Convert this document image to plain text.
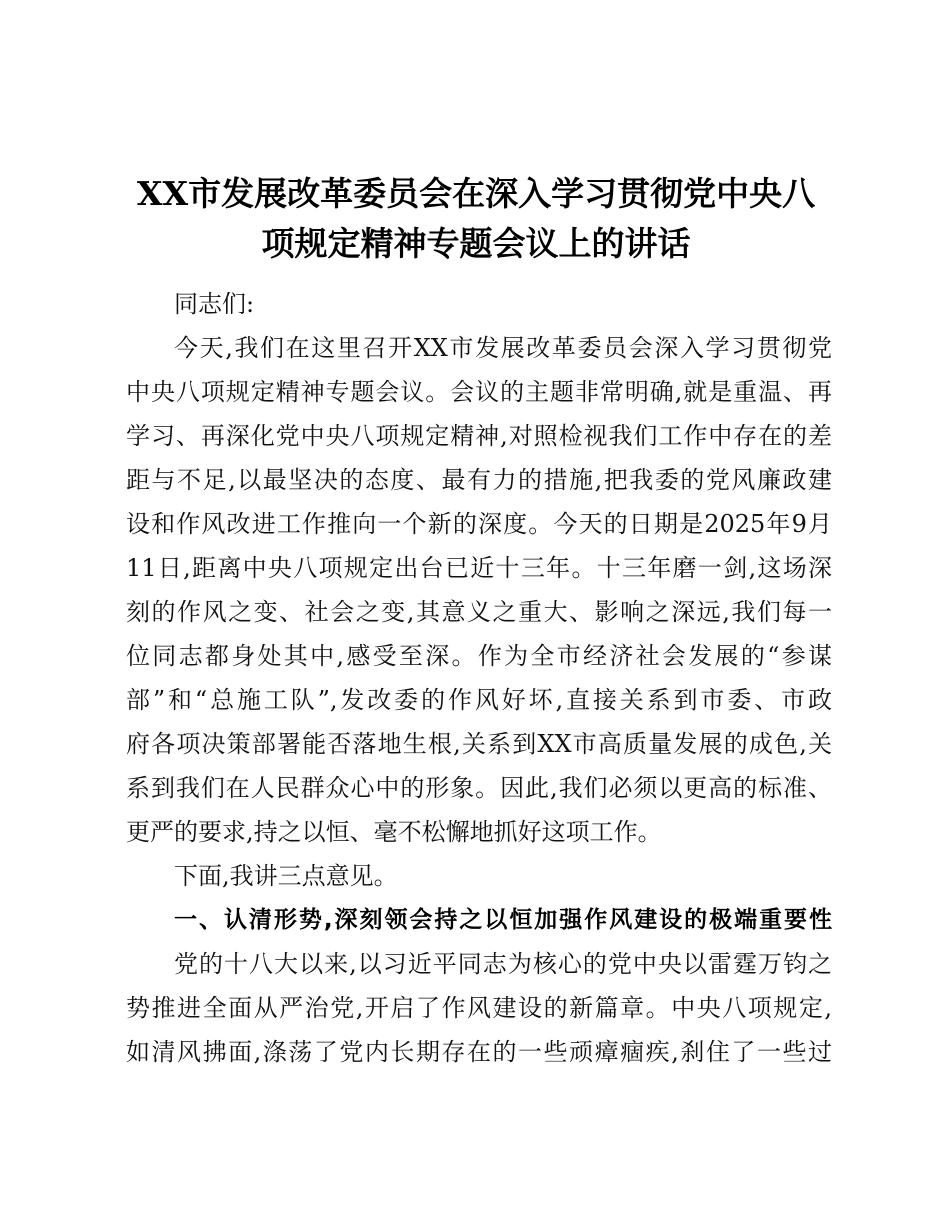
XX市发展改革委员会在深入学习贯彻党中央八
项规定精神专题会议上的讲话
同志们:
今天,我们在这里召开XX市发展改革委员会深入学习贯彻党
中央八项规定精神专题会议。会议的主题非常明确,就是重温、再
学习、再深化党中央八项规定精神,对照检视我们工作中存在的差
距与不足,以最坚决的态度、最有力的措施,把我委的党风廉政建
设和作风改进工作推向一个新的深度。今天的日期是2025年9月
11日,距离中央八项规定出台已近十三年。十三年磨一剑,这场深
刻的作风之变、社会之变,其意义之重大、影响之深远,我们每一
位同志都身处其中,感受至深。作为全市经济社会发展的“参谋
部”和“总施工队”,发改委的作风好坏,直接关系到市委、市政
府各项决策部署能否落地生根,关系到XX市高质量发展的成色,关
系到我们在人民群众心中的形象。因此,我们必须以更高的标准、
更严的要求,持之以恒、毫不松懈地抓好这项工作。
下面,我讲三点意见。
一、认清形势,深刻领会持之以恒加强作风建设的极端重要性
党的十八大以来,以习近平同志为核心的党中央以雷霆万钧之
势推进全面从严治党,开启了作风建设的新篇章。中央八项规定,
如清风拂面,涤荡了党内长期存在的一些顽瘴痼疾,刹住了一些过
